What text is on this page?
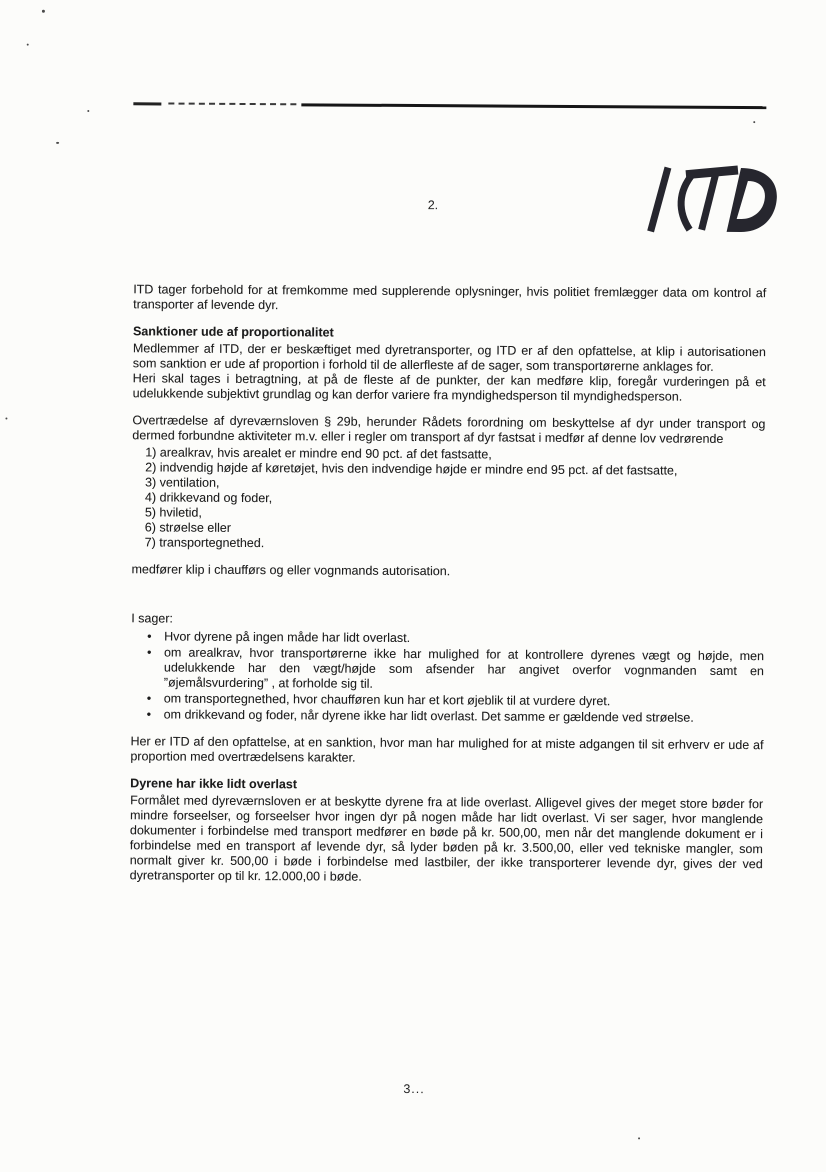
2.

ITD tager forbehold for at fremkomme med supplerende oplysninger, hvis politiet fremlægger data om kontrol af transporter af levende dyr.

Sanktioner ude af proportionalitet

Medlemmer af ITD, der er beskæftiget med dyretransporter, og ITD er af den opfattelse, at klip i autorisationen som sanktion er ude af proportion i forhold til de allerfleste af de sager, som transportørerne anklages for.

Heri skal tages i betragtning, at på de fleste af de punkter, der kan medføre klip, foregår vurderingen på et udelukkende subjektivt grundlag og kan derfor variere fra myndighedsperson til myndighedsperson.

Overtrædelse af dyreværnsloven § 29b, herunder Rådets forordning om beskyttelse af dyr under transport og dermed forbundne aktiviteter m.v. eller i regler om transport af dyr fastsat i medfør af denne lov vedrørende

1) arealkrav, hvis arealet er mindre end 90 pct. af det fastsatte,
2) indvendig højde af køretøjet, hvis den indvendige højde er mindre end 95 pct. af det fastsatte,
3) ventilation,
4) drikkevand og foder,
5) hviletid,
6) strøelse eller
7) transportegnethed.

medfører klip i chaufførs og eller vognmands autorisation.

I sager:

• Hvor dyrene på ingen måde har lidt overlast.
• om arealkrav, hvor transportørerne ikke har mulighed for at kontrollere dyrenes vægt og højde, men udelukkende har den vægt/højde som afsender har angivet overfor vognmanden samt en ”øjemålsvurdering” , at forholde sig til.
• om transportegnethed, hvor chaufføren kun har et kort øjeblik til at vurdere dyret.
• om drikkevand og foder, når dyrene ikke har lidt overlast. Det samme er gældende ved strøelse.

Her er ITD af den opfattelse, at en sanktion, hvor man har mulighed for at miste adgangen til sit erhverv er ude af proportion med overtrædelsens karakter.

Dyrene har ikke lidt overlast

Formålet med dyreværnsloven er at beskytte dyrene fra at lide overlast. Alligevel gives der meget store bøder for mindre forseelser, og forseelser hvor ingen dyr på nogen måde har lidt overlast. Vi ser sager, hvor manglende dokumenter i forbindelse med transport medfører en bøde på kr. 500,00, men når det manglende dokument er i forbindelse med en transport af levende dyr, så lyder bøden på kr. 3.500,00, eller ved tekniske mangler, som normalt giver kr. 500,00 i bøde i forbindelse med lastbiler, der ikke transporterer levende dyr, gives der ved dyretransporter op til kr. 12.000,00 i bøde.

3...
